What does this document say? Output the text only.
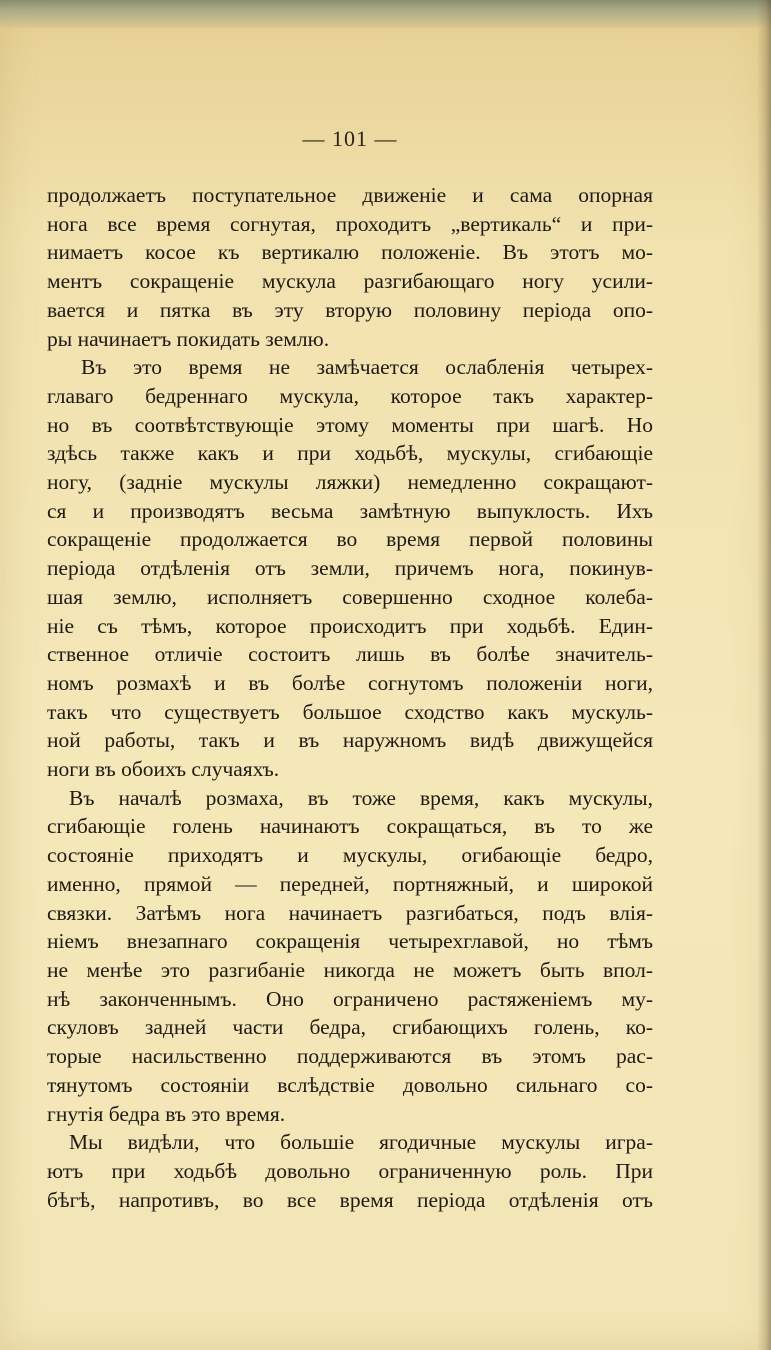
— 101 —
продолжаетъ поступательное движенie и сама опорная
нога все время согнутая, проходитъ „вертикаль“ и при-
нимаетъ косое къ вертикалю положенie. Въ этотъ мо-
ментъ сокращенie мускула разгибающаго ногу усили-
вается и пятка въ эту вторую половину перiода опо-
ры начинаетъ покидать землю.
Въ это время не замѣчается ослабленiя четырех-
главаго бедреннаго мускула, которое такъ характер-
но въ соотвѣтствующiе этому моменты при шагѣ. Но
здѣсь также какъ и при ходьбѣ, мускулы, сгибающiе
ногу, (заднiе мускулы ляжки) немедленно сокращают-
ся и производятъ весьма замѣтную выпуклость. Ихъ
сокращенie продолжается во время первой половины
перiода отдѣленiя отъ земли, причемъ нога, покинув-
шая землю, исполняетъ совершенно сходное колеба-
нie съ тѣмъ, которое происходитъ при ходьбѣ. Един-
ственное отличie состоитъ лишь въ болѣе значитель-
номъ розмахѣ и въ болѣе согнутомъ положенiи ноги,
такъ что существуетъ большое сходство какъ мускуль-
ной работы, такъ и въ наружномъ видѣ движущейся
ноги въ обоихъ случаяхъ.
Въ началѣ розмаха, въ тоже время, какъ мускулы,
сгибающiе голень начинаютъ сокращаться, въ то же
состоянie приходятъ и мускулы, огибающiе бедро,
именно, прямой — передней, портняжный, и широкой
связки. Затѣмъ нога начинаетъ разгибаться, подъ влiя-
нieмъ внезапнаго сокращенiя четырехглавой, но тѣмъ
не менѣе это разгибанie никогда не можетъ быть впол-
нѣ законченнымъ. Оно ограничено растяженieмъ му-
скуловъ задней части бедра, сгибающихъ голень, ко-
торые насильственно поддерживаются въ этомъ рас-
тянутомъ состоянiи вслѣдствie довольно сильнаго со-
гнутiя бедра въ это время.
Мы видѣли, что большiе ягодичные мускулы игра-
ютъ при ходьбѣ довольно ограниченную роль. При
бѣгѣ, напротивъ, во все время перiода отдѣленiя отъ
